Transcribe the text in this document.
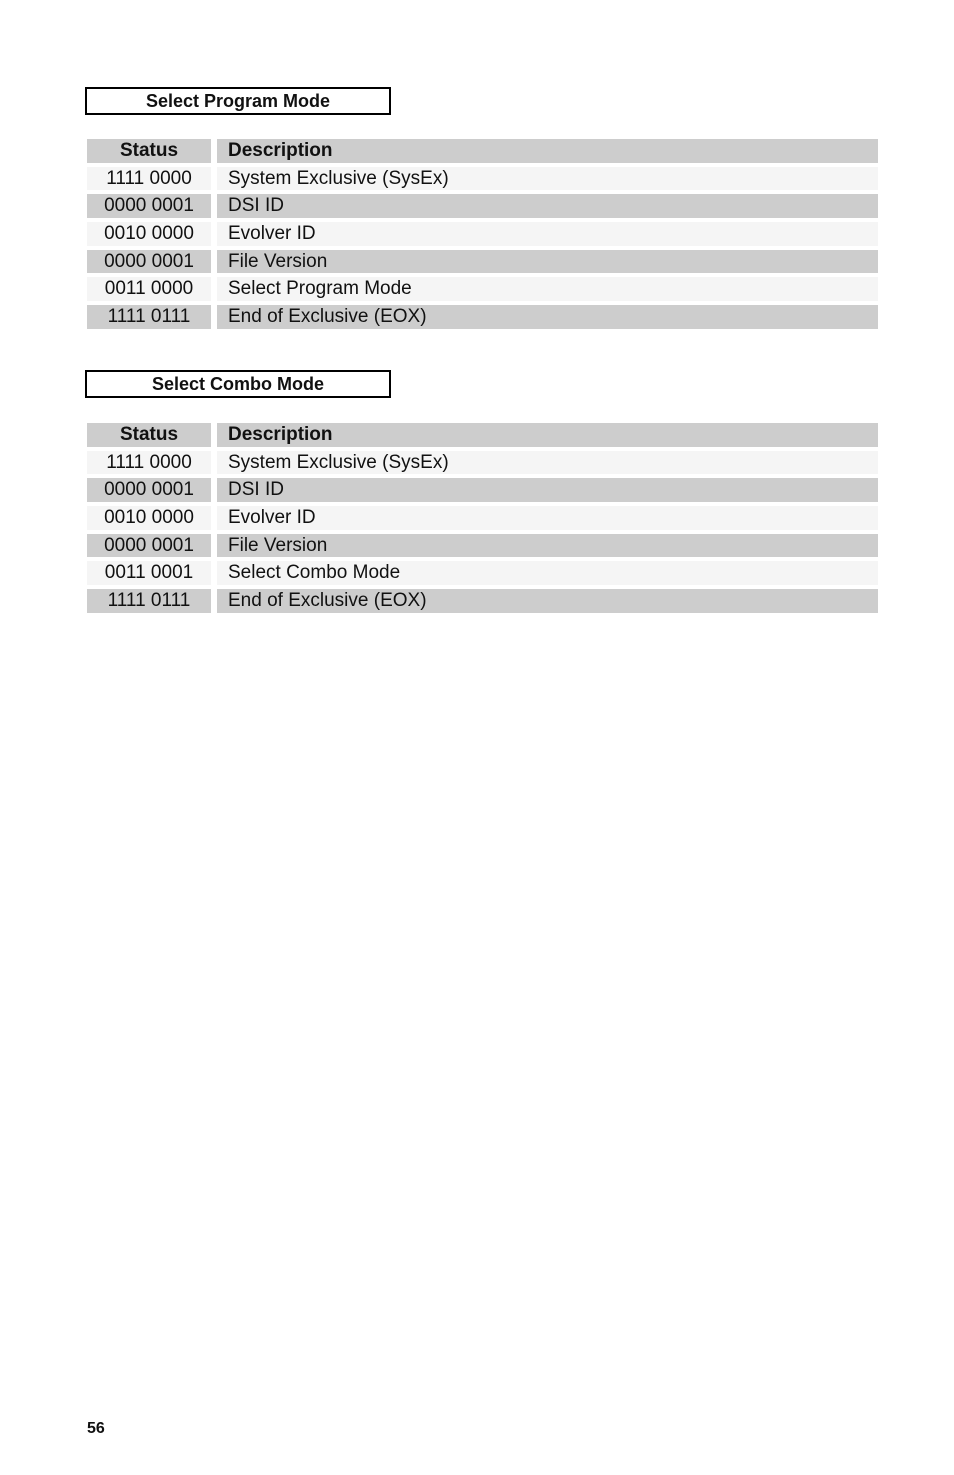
Select Program Mode
Status	Description
1111 0000	System Exclusive (SysEx)
0000 0001	DSI ID
0010 0000	Evolver ID
0000 0001	File Version
0011 0000	Select Program Mode
1111 0111	End of Exclusive (EOX)
Select Combo Mode
Status	Description
1111 0000	System Exclusive (SysEx)
0000 0001	DSI ID
0010 0000	Evolver ID
0000 0001	File Version
0011 0001	Select Combo Mode
1111 0111	End of Exclusive (EOX)
56
